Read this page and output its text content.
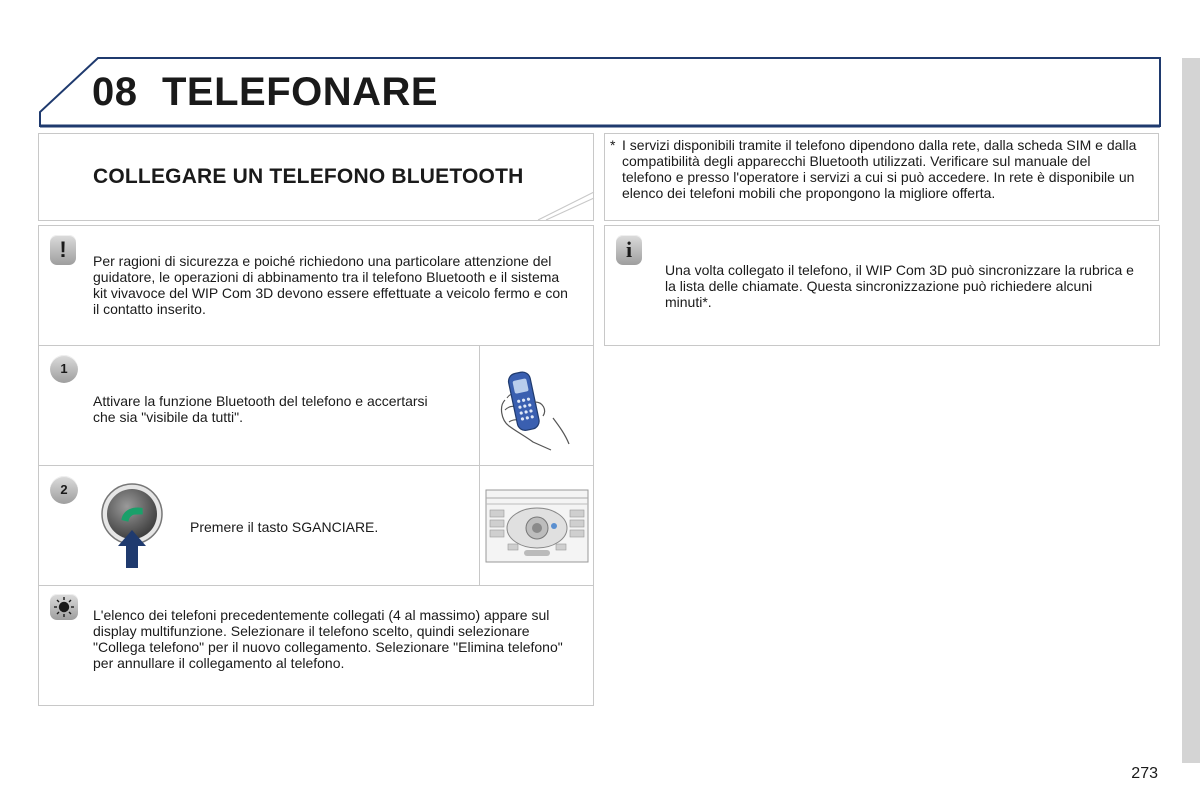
08 TELEFONARE
COLLEGARE UN TELEFONO BLUETOOTH
* I servizi disponibili tramite il telefono dipendono dalla rete, dalla scheda SIM e dalla compatibilità degli apparecchi Bluetooth utilizzati. Verificare sul manuale del telefono e presso l'operatore i servizi a cui si può accedere. In rete è disponibile un elenco dei telefoni mobili che propongono la migliore offerta.
!	Per ragioni di sicurezza e poiché richiedono una particolare attenzione del guidatore, le operazioni di abbinamento tra il telefono Bluetooth e il sistema kit vivavoce del WIP Com 3D devono essere effettuate a veicolo fermo e con il contatto inserito.
i
Una volta collegato il telefono, il WIP Com 3D può sincronizzare la rubrica e la lista delle chiamate. Questa sincronizzazione può richiedere alcuni minuti*.
1
Attivare la funzione Bluetooth del telefono e accertarsi che sia "visibile da tutti".
2
Premere il tasto SGANCIARE.
L'elenco dei telefoni precedentemente collegati (4 al massimo) appare sul display multifunzione. Selezionare il telefono scelto, quindi selezionare "Collega telefono" per il nuovo collegamento. Selezionare "Elimina telefono" per annullare il collegamento al telefono.
273
